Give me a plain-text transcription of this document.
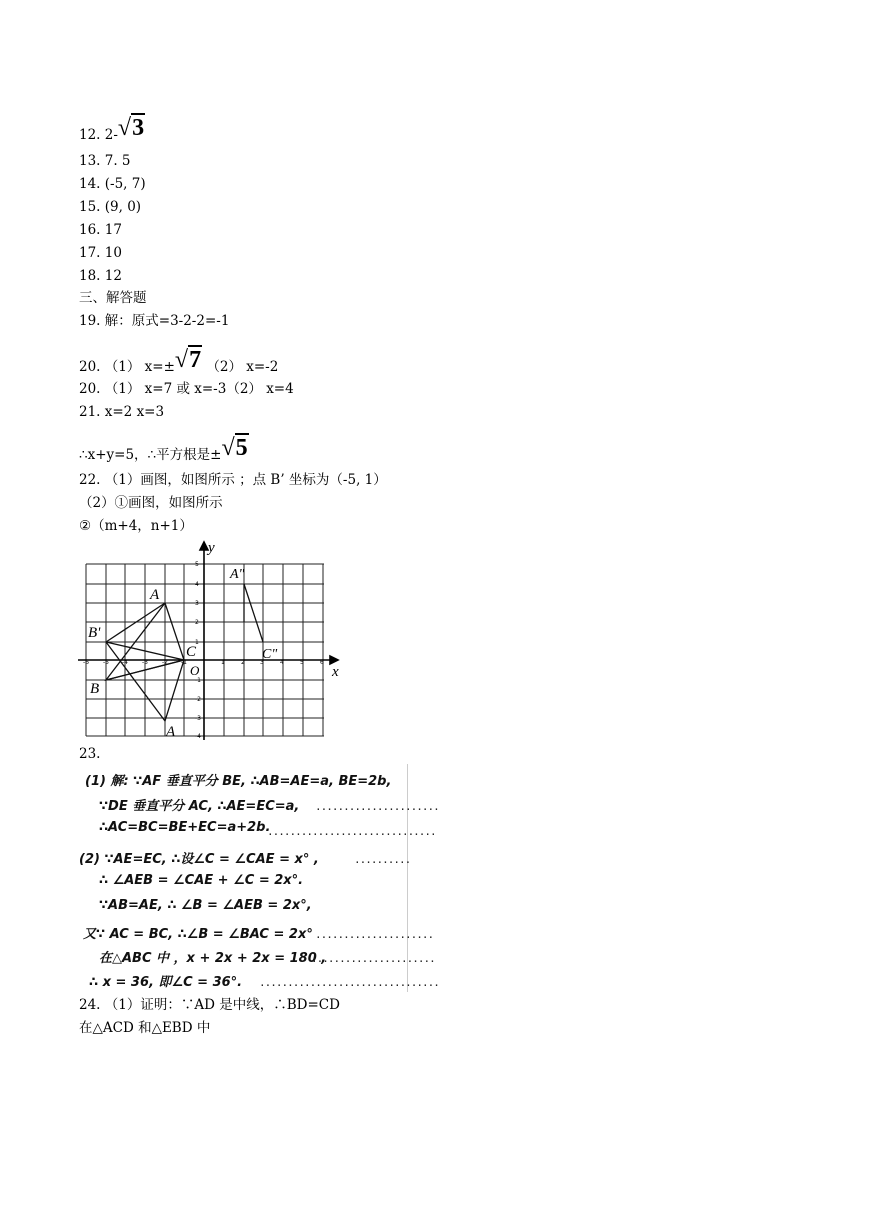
12. 2-√3
13. 7. 5
14. (-5, 7)
15. (9, 0)
16. 17
17. 10
18. 12
三、解答题
19. 解：原式=3-2-2=-1
20. （1） x=±√7 （2） x=-2
20. （1） x=7 或 x=-3（2） x=4
21. x=2 x=3
∴x+y=5，∴平方根是±√5
22. （1）画图，如图所示 ；点 B’ 坐标为（-5, 1）
（2）①画图，如图所示
②（m+4，n+1）
y
x
O
A
B
B'
C
A"
C"
A
-6 -5 -4 -3 -2 -1	1	2	3	4	5	6
5
4
3
2
1
-1
-2
-3
-4
(1) 解: ∵AF 垂直平分 BE, ∴AB=AE=a, BE=2b,
∵DE 垂直平分 AC, ∴AE=EC=a, ......................
∴AC=BC=BE+EC=a+2b.
..............................
(2) ∵AE=EC, ∴设∠C = ∠CAE = x° ,	..........
∴ ∠AEB = ∠CAE + ∠C = 2x°.
∵AB=AE, ∴ ∠B = ∠AEB = 2x°,
又∵ AC = BC, ∴∠B = ∠BAC = 2x° .....................
在△ABC 中 ，x + 2x + 2x = 180 ,
......................
∴ x = 36, 即∠C = 36°. ................................
23.
24. （1）证明：∵AD 是中线，∴BD=CD
在△ACD 和△EBD 中
